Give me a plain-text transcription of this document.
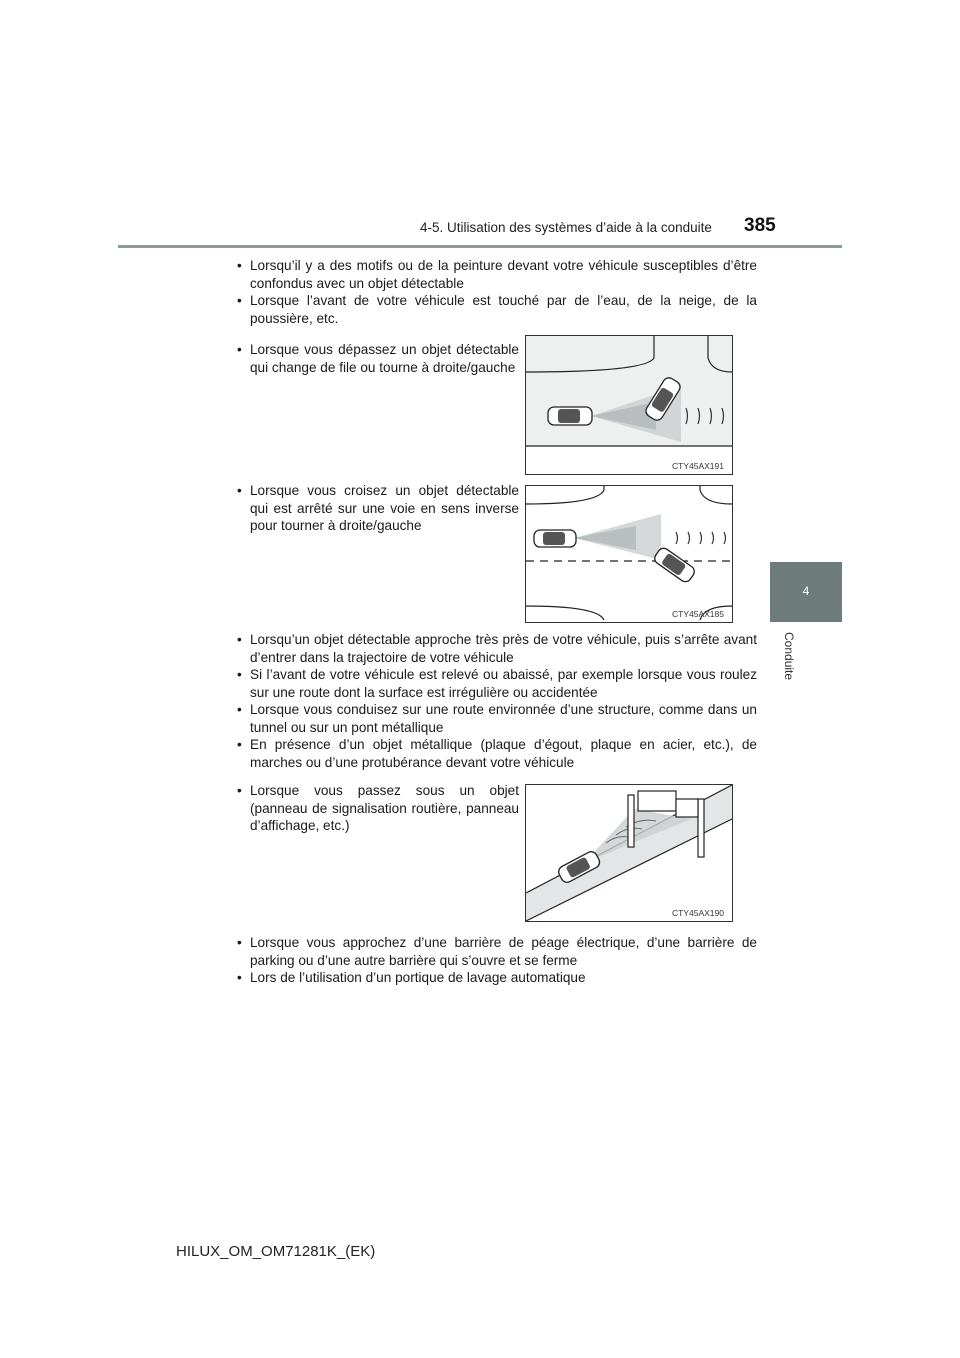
4-5. Utilisation des systèmes d’aide à la conduite 385
4
Conduite
• Lorsqu’il y a des motifs ou de la peinture devant votre véhicule susceptibles d’être confondus avec un objet détectable
• Lorsque l’avant de votre véhicule est touché par de l’eau, de la neige, de la poussière, etc.
• Lorsque vous dépassez un objet détectable qui change de file ou tourne à droite/gauche
CTY45AX191
• Lorsque vous croisez un objet détectable qui est arrêté sur une voie en sens inverse pour tourner à droite/gauche
CTY45AX185
• Lorsqu’un objet détectable approche très près de votre véhicule, puis s’arrête avant d’entrer dans la trajectoire de votre véhicule
• Si l’avant de votre véhicule est relevé ou abaissé, par exemple lorsque vous roulez sur une route dont la surface est irrégulière ou accidentée
• Lorsque vous conduisez sur une route environnée d’une structure, comme dans un tunnel ou sur un pont métallique
• En présence d’un objet métallique (plaque d’égout, plaque en acier, etc.), de marches ou d’une protubérance devant votre véhicule
• Lorsque vous passez sous un objet (panneau de signalisation routière, panneau d’affichage, etc.)
CTY45AX190
• Lorsque vous approchez d’une barrière de péage électrique, d’une barrière de parking ou d’une autre barrière qui s’ouvre et se ferme
• Lors de l’utilisation d’un portique de lavage automatique
HILUX_OM_OM71281K_(EK)
